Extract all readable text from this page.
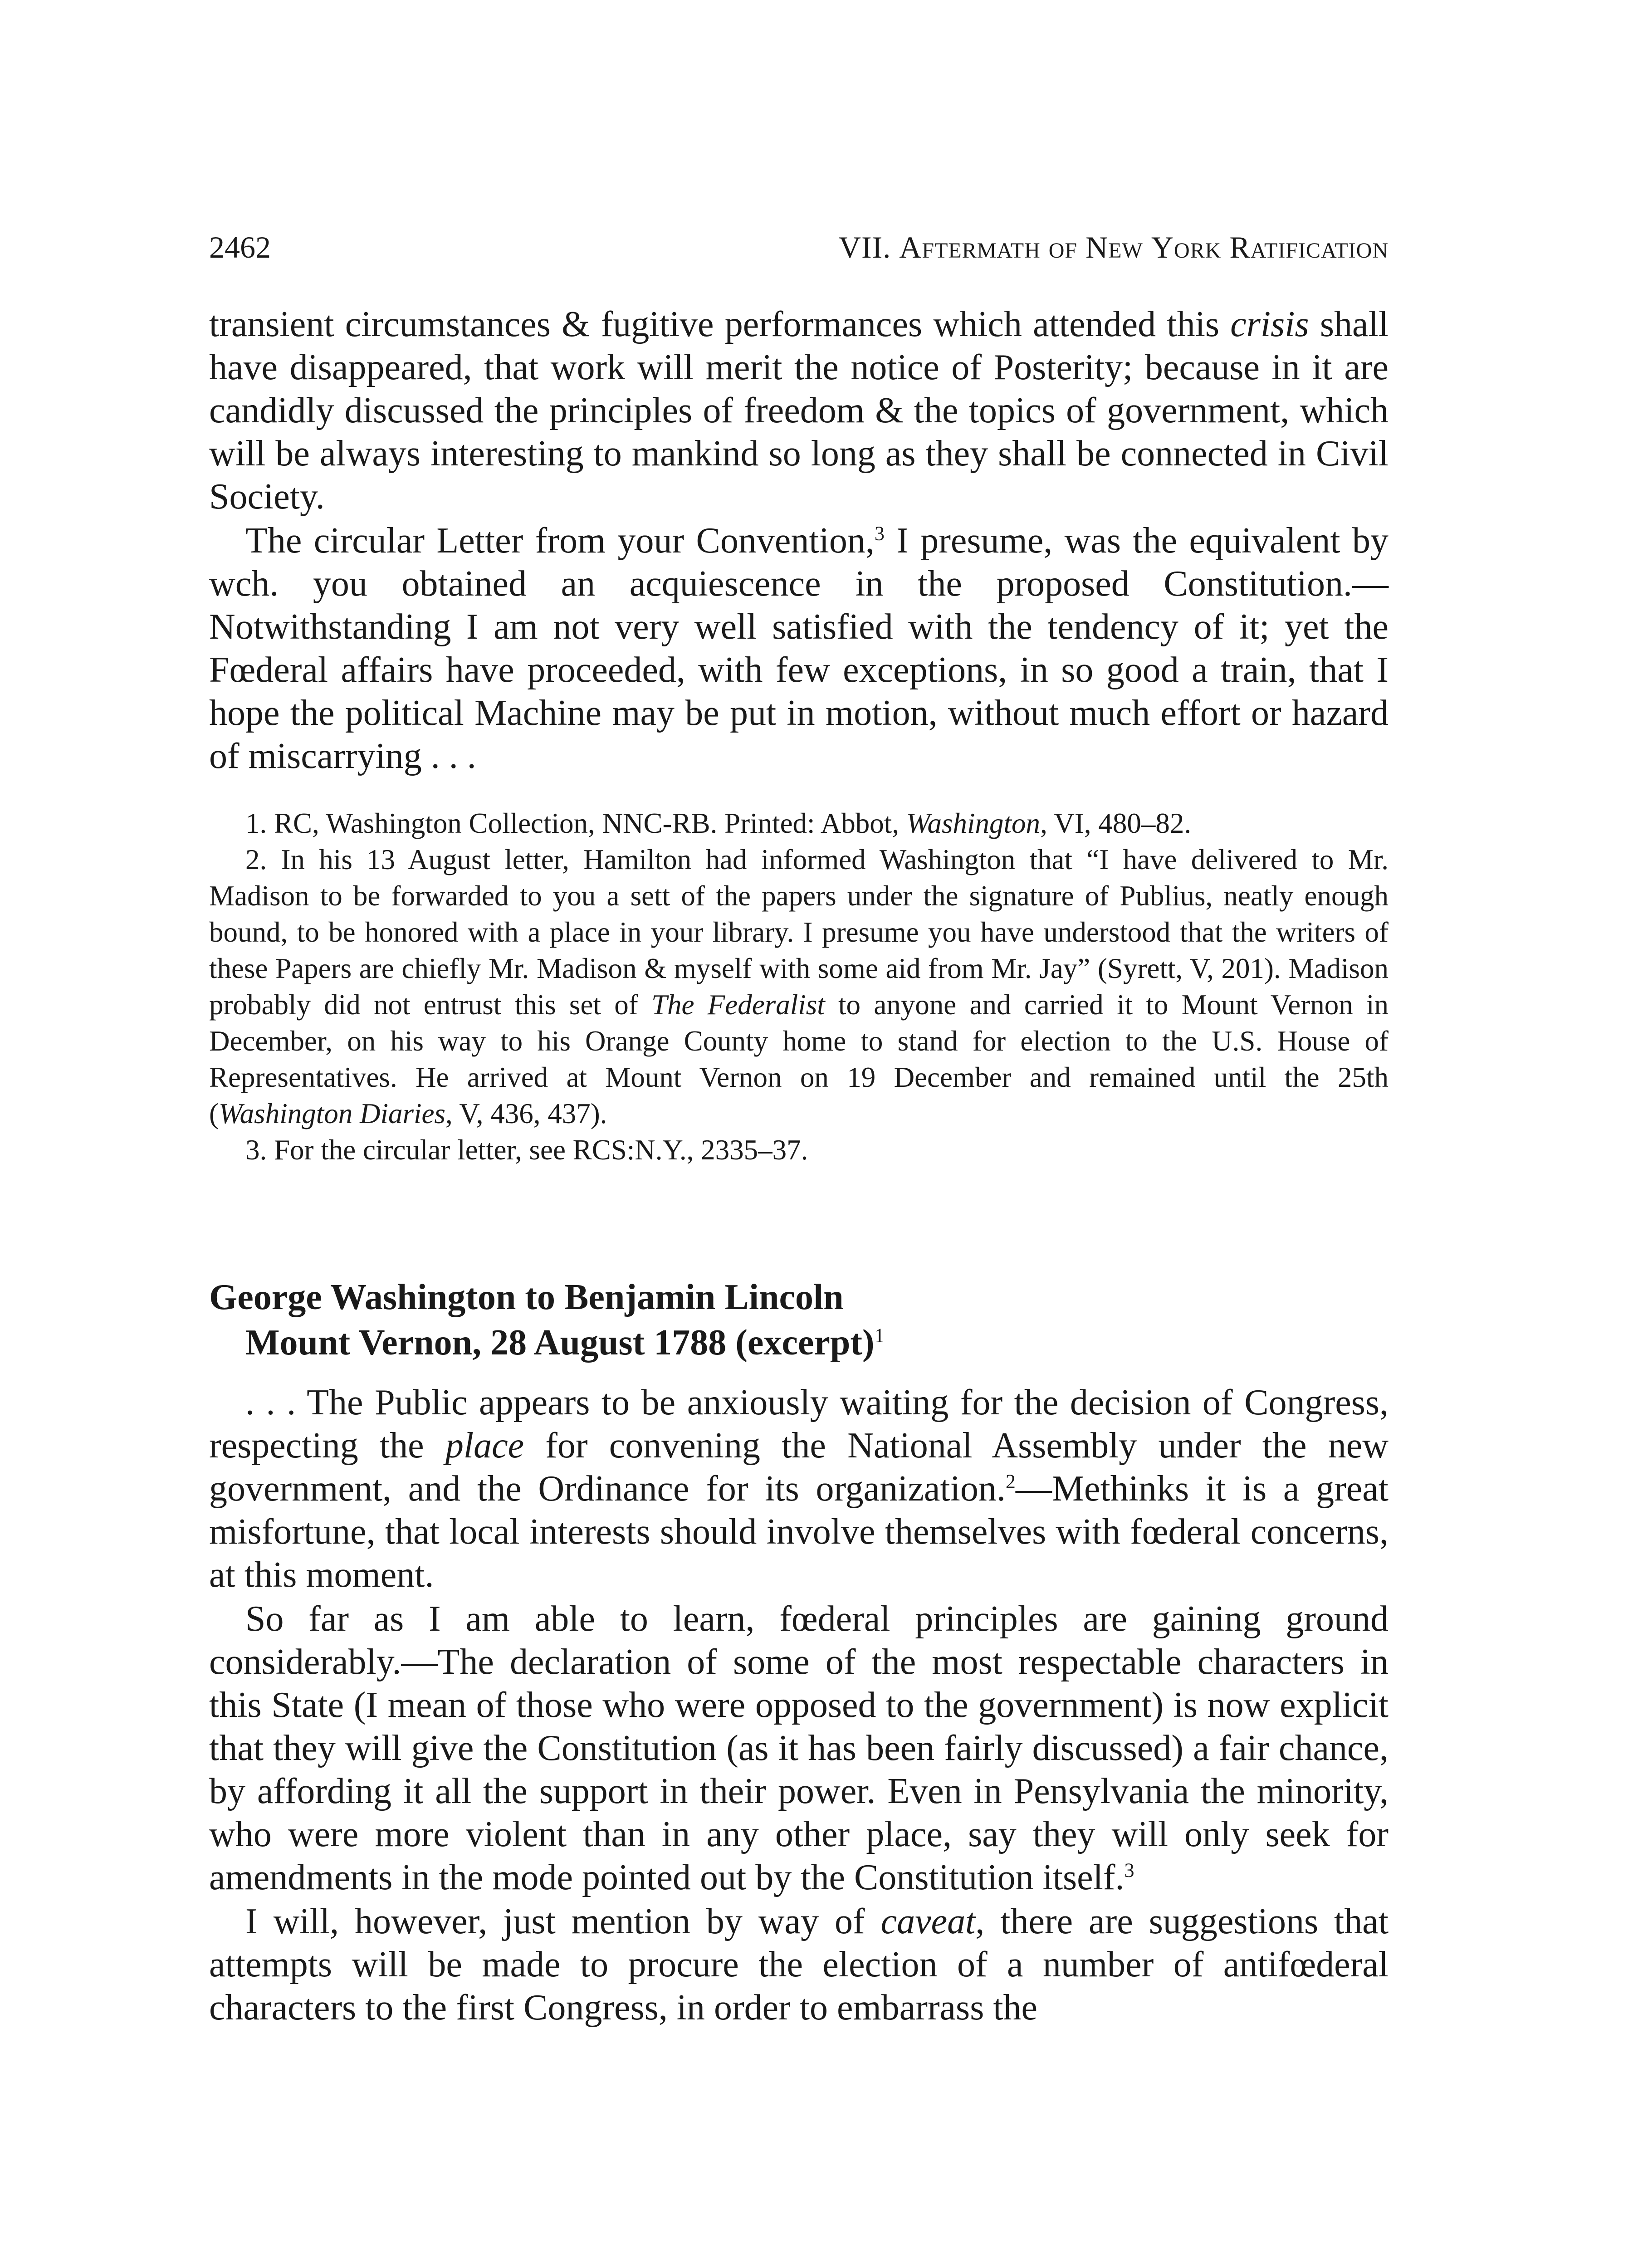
2462	VII. Aftermath of New York Ratification

transient circumstances & fugitive performances which attended this crisis shall have disappeared, that work will merit the notice of Posterity; because in it are candidly discussed the principles of freedom & the topics of government, which will be always interesting to mankind so long as they shall be connected in Civil Society.

The circular Letter from your Convention,$^3$ I presume, was the equivalent by wch. you obtained an acquiescence in the proposed Constitution.—Notwithstanding I am not very well satisfied with the tendency of it; yet the Fœderal affairs have proceeded, with few exceptions, in so good a train, that I hope the political Machine may be put in motion, without much effort or hazard of miscarrying . . .

1. RC, Washington Collection, NNC-RB. Printed: Abbot, Washington, VI, 480–82.

2. In his 13 August letter, Hamilton had informed Washington that “I have delivered to Mr. Madison to be forwarded to you a sett of the papers under the signature of Publius, neatly enough bound, to be honored with a place in your library. I presume you have understood that the writers of these Papers are chiefly Mr. Madison & myself with some aid from Mr. Jay” (Syrett, V, 201). Madison probably did not entrust this set of The Federalist to anyone and carried it to Mount Vernon in December, on his way to his Orange County home to stand for election to the U.S. House of Representatives. He arrived at Mount Vernon on 19 December and remained until the 25th (Washington Diaries, V, 436, 437).

3. For the circular letter, see RCS:N.Y., 2335–37.

George Washington to Benjamin Lincoln
Mount Vernon, 28 August 1788 (excerpt)$^1$

. . . The Public appears to be anxiously waiting for the decision of Congress, respecting the place for convening the National Assembly under the new government, and the Ordinance for its organization.$^2$—Methinks it is a great misfortune, that local interests should involve themselves with fœderal concerns, at this moment.

So far as I am able to learn, fœderal principles are gaining ground considerably.—The declaration of some of the most respectable characters in this State (I mean of those who were opposed to the government) is now explicit that they will give the Constitution (as it has been fairly discussed) a fair chance, by affording it all the support in their power. Even in Pensylvania the minority, who were more violent than in any other place, say they will only seek for amendments in the mode pointed out by the Constitution itself.$^3$

I will, however, just mention by way of caveat, there are suggestions that attempts will be made to procure the election of a number of antifœderal characters to the first Congress, in order to embarrass the
